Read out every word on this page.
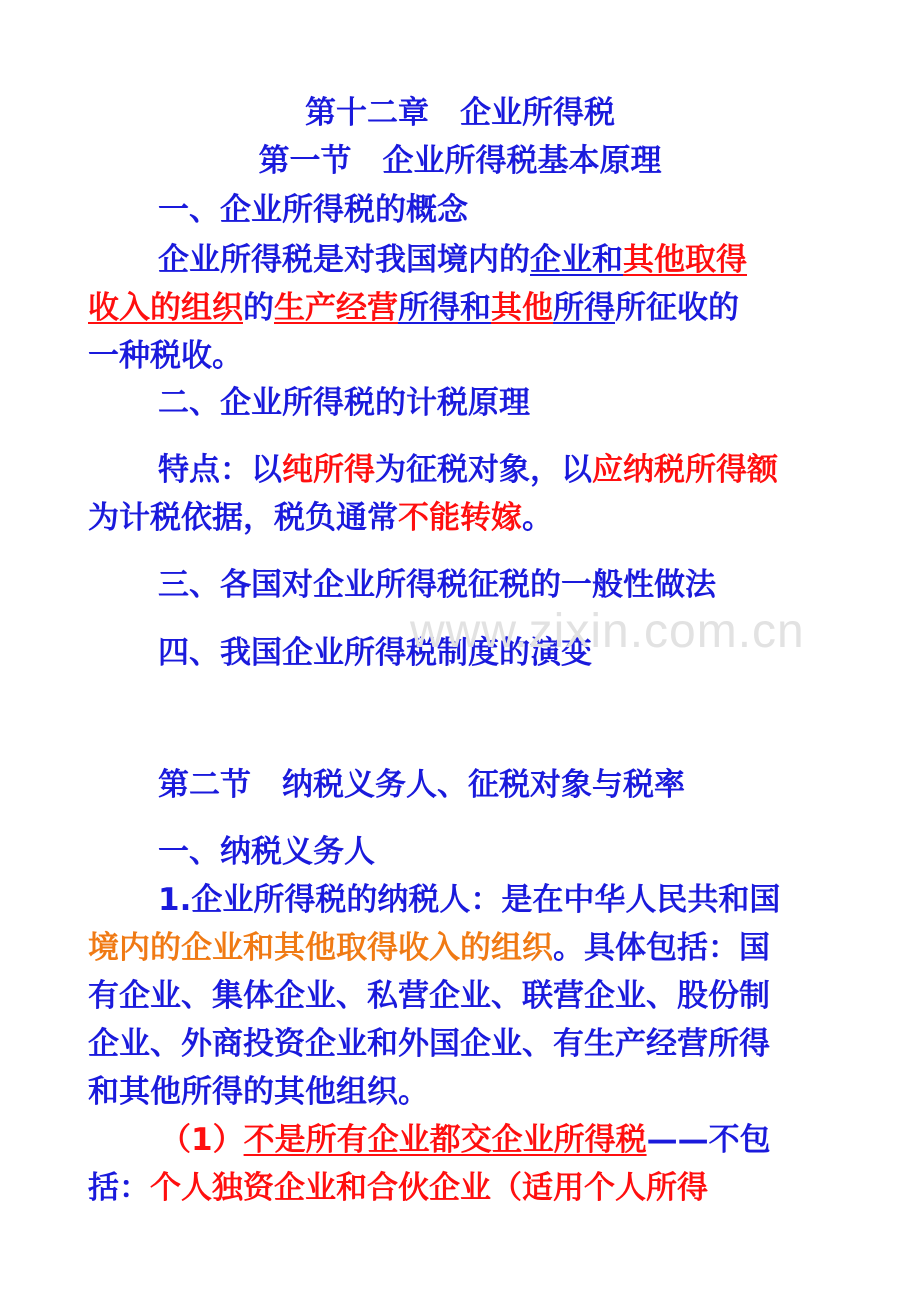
第十二章　企业所得税
第一节　企业所得税基本原理
一、企业所得税的概念
企业所得税是对我国境内的企业和其他取得
收入的组织的生产经营所得和其他所得所征收的
一种税收。
二、企业所得税的计税原理
特点：以纯所得为征税对象，以应纳税所得额
为计税依据，税负通常不能转嫁。
三、各国对企业所得税征税的一般性做法
四、我国企业所得税制度的演变
第二节　纳税义务人、征税对象与税率
一、纳税义务人
1.企业所得税的纳税人：是在中华人民共和国
境内的企业和其他取得收入的组织。具体包括：国
有企业、集体企业、私营企业、联营企业、股份制
企业、外商投资企业和外国企业、有生产经营所得
和其他所得的其他组织。
（1）不是所有企业都交企业所得税——不包
括：个人独资企业和合伙企业（适用个人所得
www.zixin.com.cn
